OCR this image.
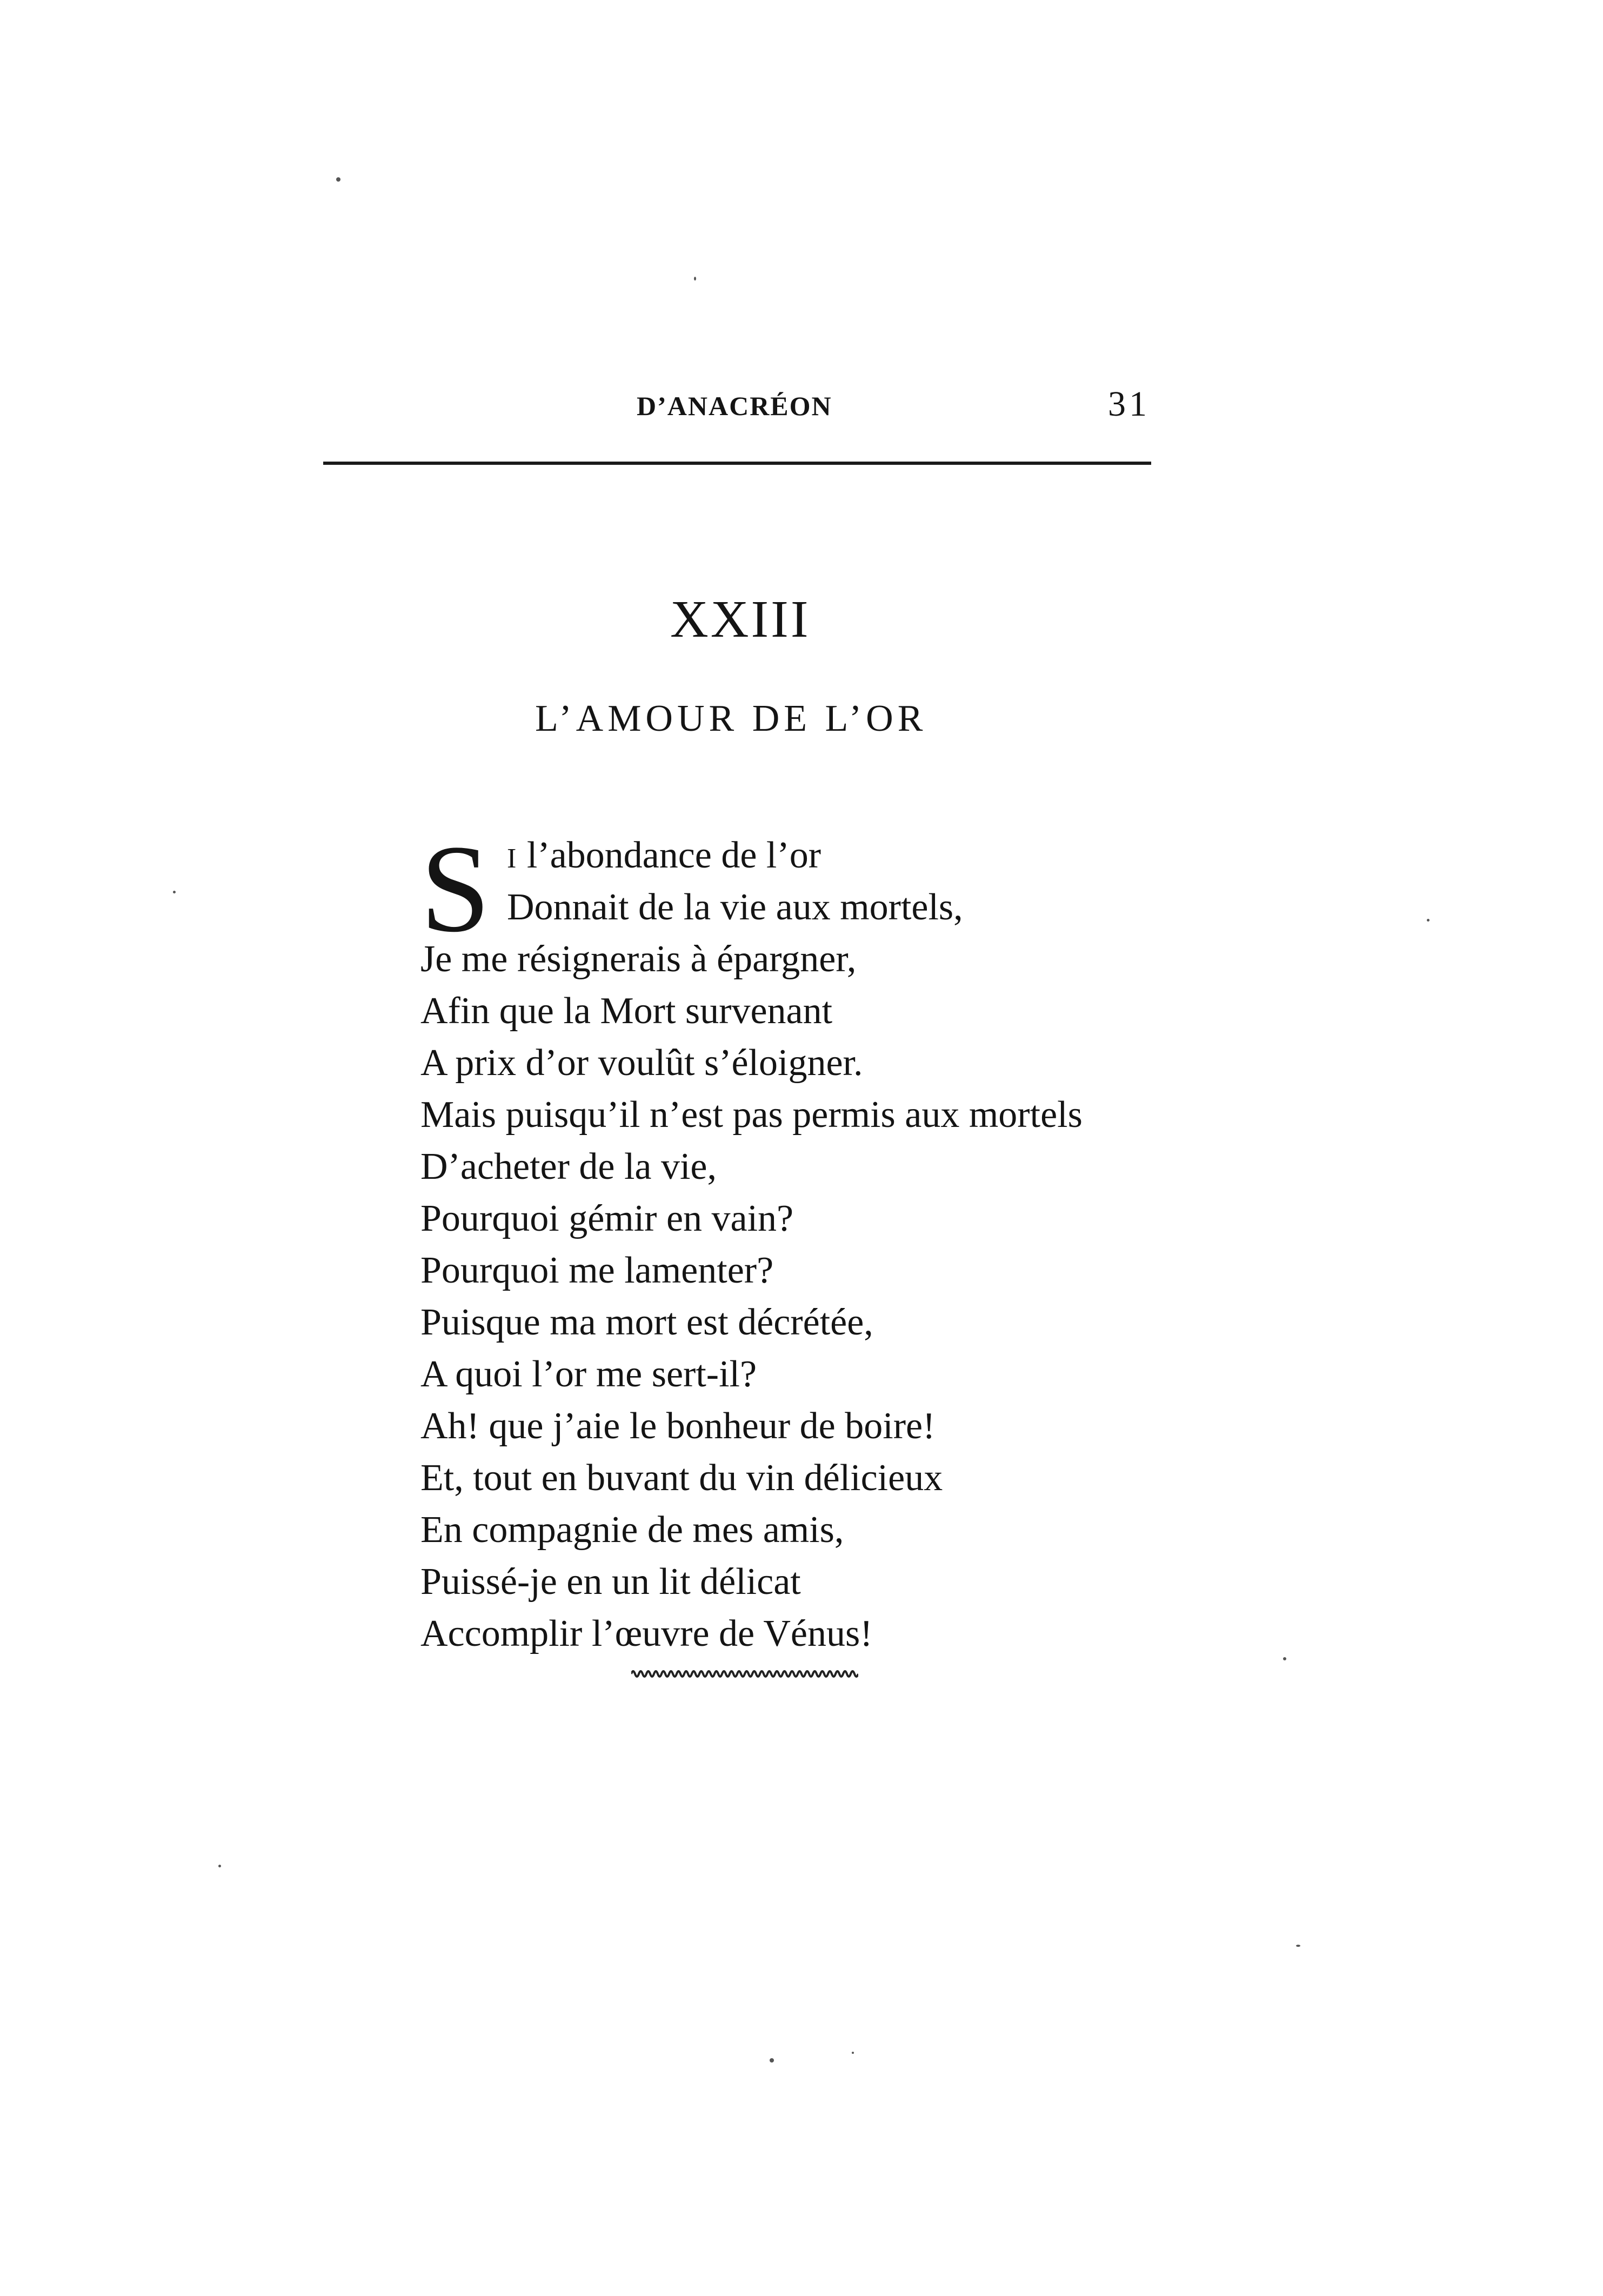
D’ANACRÉON	31
XXIII
L’AMOUR DE L’OR
S I l’abondance de l’or
Donnait de la vie aux mortels,
Je me résignerais à épargner,
Afin que la Mort survenant
A prix d’or voulût s’éloigner.
Mais puisqu’il n’est pas permis aux mortels
D’acheter de la vie,
Pourquoi gémir en vain?
Pourquoi me lamenter?
Puisque ma mort est décrétée,
A quoi l’or me sert-il?
Ah! que j’aie le bonheur de boire!
Et, tout en buvant du vin délicieux
En compagnie de mes amis,
Puissé-je en un lit délicat
Accomplir l’œuvre de Vénus!
